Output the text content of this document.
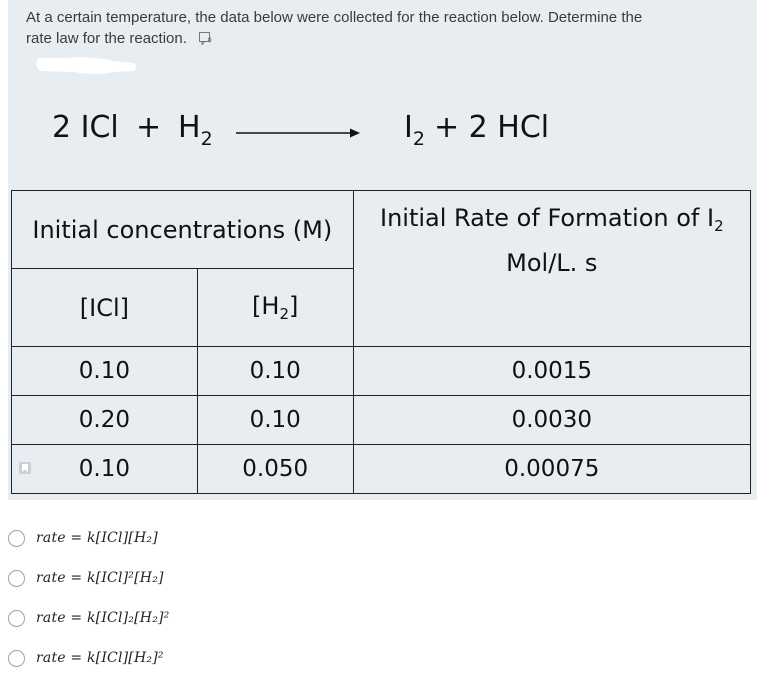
At a certain temperature, the data below were collected for the reaction below. Determine the
rate law for the reaction.
2 ICl + $H_2$	$I_2 + 2$ HCl
Initial concentrations (M)		Initial Rate of Formation of $I_2$
Mol/L. s
[ICl]	$[H_2]$	
0.10	0.10	0.0015
0.20	0.10	0.0030
0.10	0.050	0.00075
rate = k[ICl][H₂]
rate = k[ICl]²[H₂]
rate = k[ICl]₂[H₂]²
rate = k[ICl][H₂]²
